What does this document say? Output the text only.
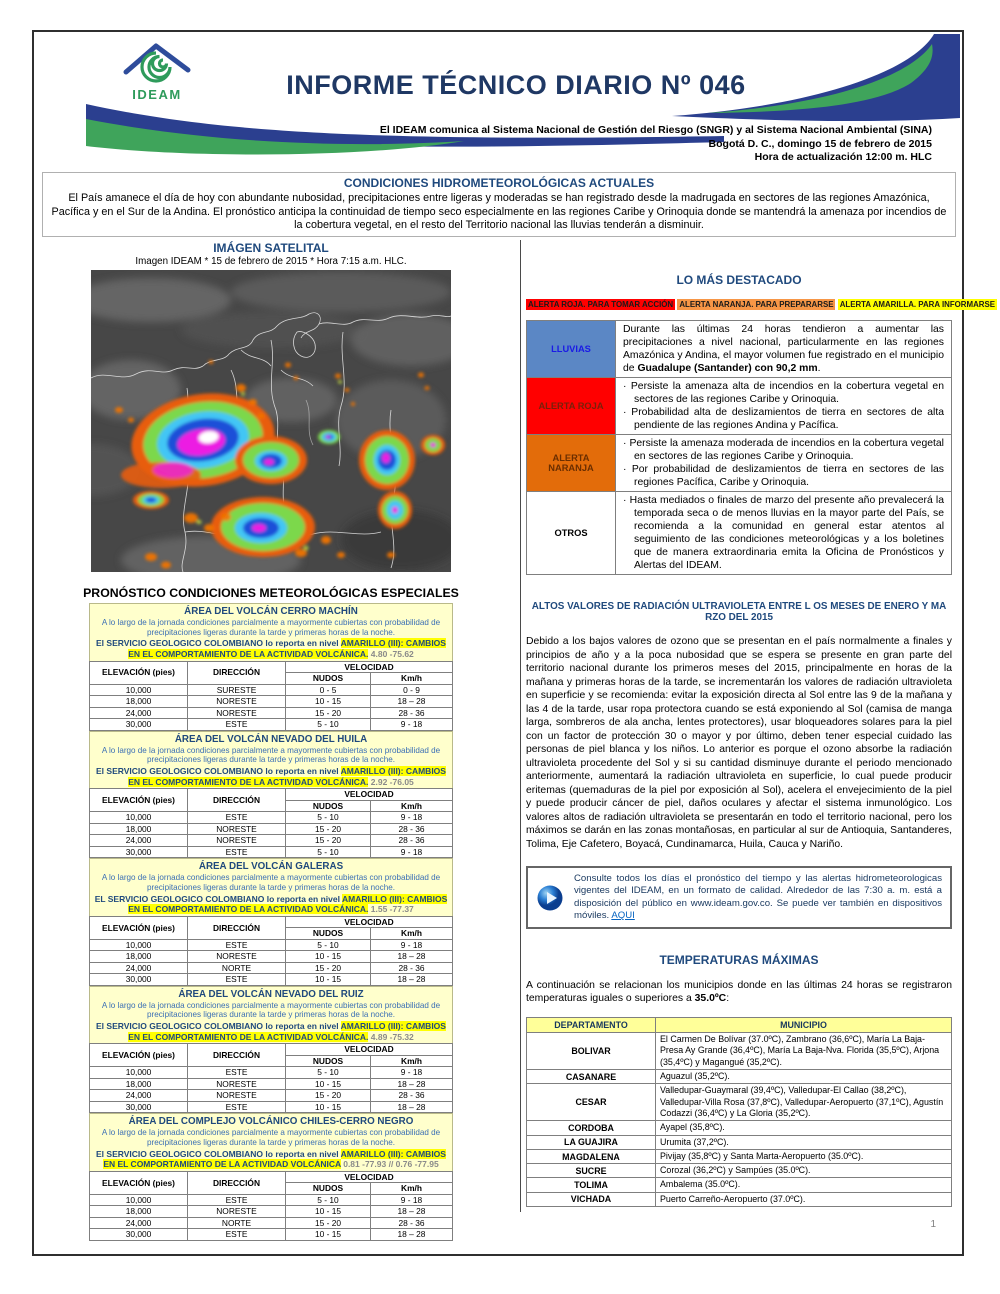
IDEAM	INFORME TÉCNICO DIARIO Nº 046
El IDEAM comunica al Sistema Nacional de Gestión del Riesgo (SNGR) y al Sistema Nacional Ambiental (SINA)
Bogotá D. C., domingo 15 de febrero de 2015
Hora de actualización 12:00 m. HLC
CONDICIONES HIDROMETEOROLÓGICAS ACTUALES
El País amanece el día de hoy con abundante nubosidad, precipitaciones entre ligeras y moderadas se han registrado desde la madrugada en sectores de las regiones Amazónica, Pacífica y en el Sur de la Andina. El pronóstico anticipa la continuidad de tiempo seco especialmente en las regiones Caribe y Orinoquia donde se mantendrá la amenaza por incendios de la cobertura vegetal, en el resto del Territorio nacional las lluvias tenderán a disminuir.
IMÁGEN SATELITAL
Imagen IDEAM * 15 de febrero de 2015 * Hora 7:15 a.m. HLC.
PRONÓSTICO CONDICIONES METEOROLÓGICAS ESPECIALES
ÁREA DEL VOLCÁN CERRO MACHÍN
A lo largo de la jornada condiciones parcialmente a mayormente cubiertas con probabilidad de precipitaciones ligeras durante la tarde y primeras horas de la noche.
El SERVICIO GEOLOGICO COLOMBIANO lo reporta en nivel AMARILLO (III): CAMBIOS EN EL COMPORTAMIENTO DE LA ACTIVIDAD VOLCÁNICA. 4.80 -75.62
ELEVACIÓN (pies)	DIRECCIÓN	VELOCIDAD	
		NUDOS	Km/h
10,000	SURESTE	0 - 5	0 - 9
18,000	NORESTE	10 - 15	18 – 28
24,000	NORESTE	15 - 20	28 - 36
30,000	ESTE	5 - 10	9 - 18
ÁREA DEL VOLCÁN NEVADO DEL HUILA
A lo largo de la jornada condiciones parcialmente a mayormente cubiertas con probabilidad de precipitaciones ligeras durante la tarde y primeras horas de la noche.
El SERVICIO GEOLOGICO COLOMBIANO lo reporta en nivel AMARILLO (III): CAMBIOS EN EL COMPORTAMIENTO DE LA ACTIVIDAD VOLCÁNICA. 2.92 -76.05
ELEVACIÓN (pies)	DIRECCIÓN	VELOCIDAD	
		NUDOS	Km/h
10,000	ESTE	5 - 10	9 - 18
18,000	NORESTE	15 - 20	28 - 36
24,000	NORESTE	15 - 20	28 - 36
30,000	ESTE	5 - 10	9 - 18
ÁREA DEL VOLCÁN GALERAS
A lo largo de la jornada condiciones parcialmente a mayormente cubiertas con probabilidad de precipitaciones ligeras durante la tarde y primeras horas de la noche.
EL SERVICIO GEOLOGICO COLOMBIANO lo reporta en nivel AMARILLO (III): CAMBIOS EN EL COMPORTAMIENTO DE LA ACTIVIDAD VOLCÁNICA. 1.55 -77.37
ELEVACIÓN (pies)	DIRECCIÓN	VELOCIDAD	
		NUDOS	Km/h
10,000	ESTE	5 - 10	9 - 18
18,000	NORESTE	10 - 15	18 – 28
24,000	NORTE	15 - 20	28 - 36
30,000	ESTE	10 - 15	18 – 28
ÁREA DEL VOLCÁN NEVADO DEL RUIZ
A lo largo de la jornada condiciones parcialmente a mayormente cubiertas con probabilidad de precipitaciones ligeras durante la tarde y primeras horas de la noche.
El SERVICIO GEOLOGICO COLOMBIANO lo reporta en nivel AMARILLO (III): CAMBIOS EN EL COMPORTAMIENTO DE LA ACTIVIDAD VOLCÁNICA. 4.89 -75.32
ELEVACIÓN (pies)	DIRECCIÓN	VELOCIDAD	
		NUDOS	Km/h
10,000	ESTE	5 - 10	9 - 18
18,000	NORESTE	10 - 15	18 – 28
24,000	NORESTE	15 - 20	28 - 36
30,000	ESTE	10 - 15	18 – 28
ÁREA DEL COMPLEJO VOLCÁNICO CHILES-CERRO NEGRO
A lo largo de la jornada condiciones parcialmente a mayormente cubiertas con probabilidad de precipitaciones ligeras durante la tarde y primeras horas de la noche.
El SERVICIO GEOLOGICO COLOMBIANO lo reporta en nivel AMARILLO (III): CAMBIOS EN EL COMPORTAMIENTO DE LA ACTIVIDAD VOLCÁNICA 0.81 -77.93 // 0.76 -77.95
ELEVACIÓN (pies)	DIRECCIÓN	VELOCIDAD	
		NUDOS	Km/h
10,000	ESTE	5 - 10	9 - 18
18,000	NORESTE	10 - 15	18 – 28
24,000	NORTE	15 - 20	28 - 36
30,000	ESTE	10 - 15	18 – 28
LO MÁS DESTACADO
ALERTA ROJA. PARA TOMAR ACCIÓN ALERTA NARANJA. PARA PREPARARSE ALERTA AMARILLA. PARA INFORMARSE
LLUVIAS	Durante las últimas 24 horas tendieron a aumentar las precipitaciones a nivel nacional, particularmente en las regiones Amazónica y Andina, el mayor volumen fue registrado en el municipio de Guadalupe (Santander) con 90,2 mm.

ALERTA ROJA	· Persiste la amenaza alta de incendios en la cobertura vegetal en sectores de las regiones Caribe y Orinoquia.

· Probabilidad alta de deslizamientos de tierra en sectores de alta pendiente de las regiones Andina y Pacífica.

ALERTA NARANJA	· Persiste la amenaza moderada de incendios en la cobertura vegetal en sectores de las regiones Caribe y Orinoquia.

· Por probabilidad de deslizamientos de tierra en sectores de las regiones Pacífica, Caribe y Orinoquia.

OTROS	· Hasta mediados o finales de marzo del presente año prevalecerá la temporada seca o de menos lluvias en la mayor parte del País, se recomienda a la comunidad en general estar atentos al seguimiento de las condiciones meteorológicas y a los boletines que de manera extraordinaria emita la Oficina de Pronósticos y Alertas del IDEAM.

ALTOS VALORES DE RADIACIÓN ULTRAVIOLETA ENTRE L OS MESES DE ENERO Y MA RZO DEL 2015
Debido a los bajos valores de ozono que se presentan en el país normalmente a finales y principios de año y a la poca nubosidad que se espera se presente en gran parte del territorio nacional durante los primeros meses del 2015, principalmente en horas de la mañana y primeras horas de la tarde, se incrementarán los valores de radiación ultravioleta en superficie y se recomienda: evitar la exposición directa al Sol entre las 9 de la mañana y las 4 de la tarde, usar ropa protectora cuando se está exponiendo al Sol (camisa de manga larga, sombreros de ala ancha, lentes protectores), usar bloqueadores solares para la piel con un factor de protección 30 o mayor y por último, deben tener especial cuidado las personas de piel blanca y los niños. Lo anterior es porque el ozono absorbe la radiación ultravioleta procedente del Sol y si su cantidad disminuye durante el periodo mencionado anteriormente, aumentará la radiación ultravioleta en superficie, lo cual puede producir eritemas (quemaduras de la piel por exposición al Sol), acelera el envejecimiento de la piel y puede producir cáncer de piel, daños oculares y afectar el sistema inmunológico. Los valores altos de radiación ultravioleta se presentarán en todo el territorio nacional, pero los máximos se darán en las zonas montañosas, en particular al sur de Antioquia, Santanderes, Tolima, Eje Cafetero, Boyacá, Cundinamarca, Huila, Cauca y Nariño.
Consulte todos los días el pronóstico del tiempo y las alertas hidrometeorologicas vigentes del IDEAM, en un formato de calidad. Alrededor de las 7:30 a. m. está a disposición del público en www.ideam.gov.co. Se puede ver también en dispositivos móviles. AQUI
TEMPERATURAS MÁXIMAS
A continuación se relacionan los municipios donde en las últimas 24 horas se registraron temperaturas iguales o superiores a 35.0ºC:
DEPARTAMENTO	MUNICIPIO
BOLIVAR	El Carmen De Bolívar (37.0ºC), Zambrano (36,6ºC), María La Baja-Presa Ay Grande (36,4ºC), María La Baja-Nva. Florida (35,5ºC), Arjona (35,4ºC) y Magangué (35,2ºC).
CASANARE	Aguazul (35,2ºC).
CESAR	Valledupar-Guaymaral (39,4ºC), Valledupar-El Callao (38,2ºC), Valledupar-Villa Rosa (37,8ºC), Valledupar-Aeropuerto (37,1ºC), Agustín Codazzi (36,4ºC) y La Gloria (35,2ºC).
CORDOBA	Ayapel (35,8ºC).
LA GUAJIRA	Urumita (37,2ºC).
MAGDALENA	Pivijay (35,8ºC) y Santa Marta-Aeropuerto (35.0ºC).
SUCRE	Corozal (36,2ºC) y Sampúes (35.0ºC).
TOLIMA	Ambalema (35.0ºC).
VICHADA	Puerto Carreño-Aeropuerto (37.0ºC).
1
